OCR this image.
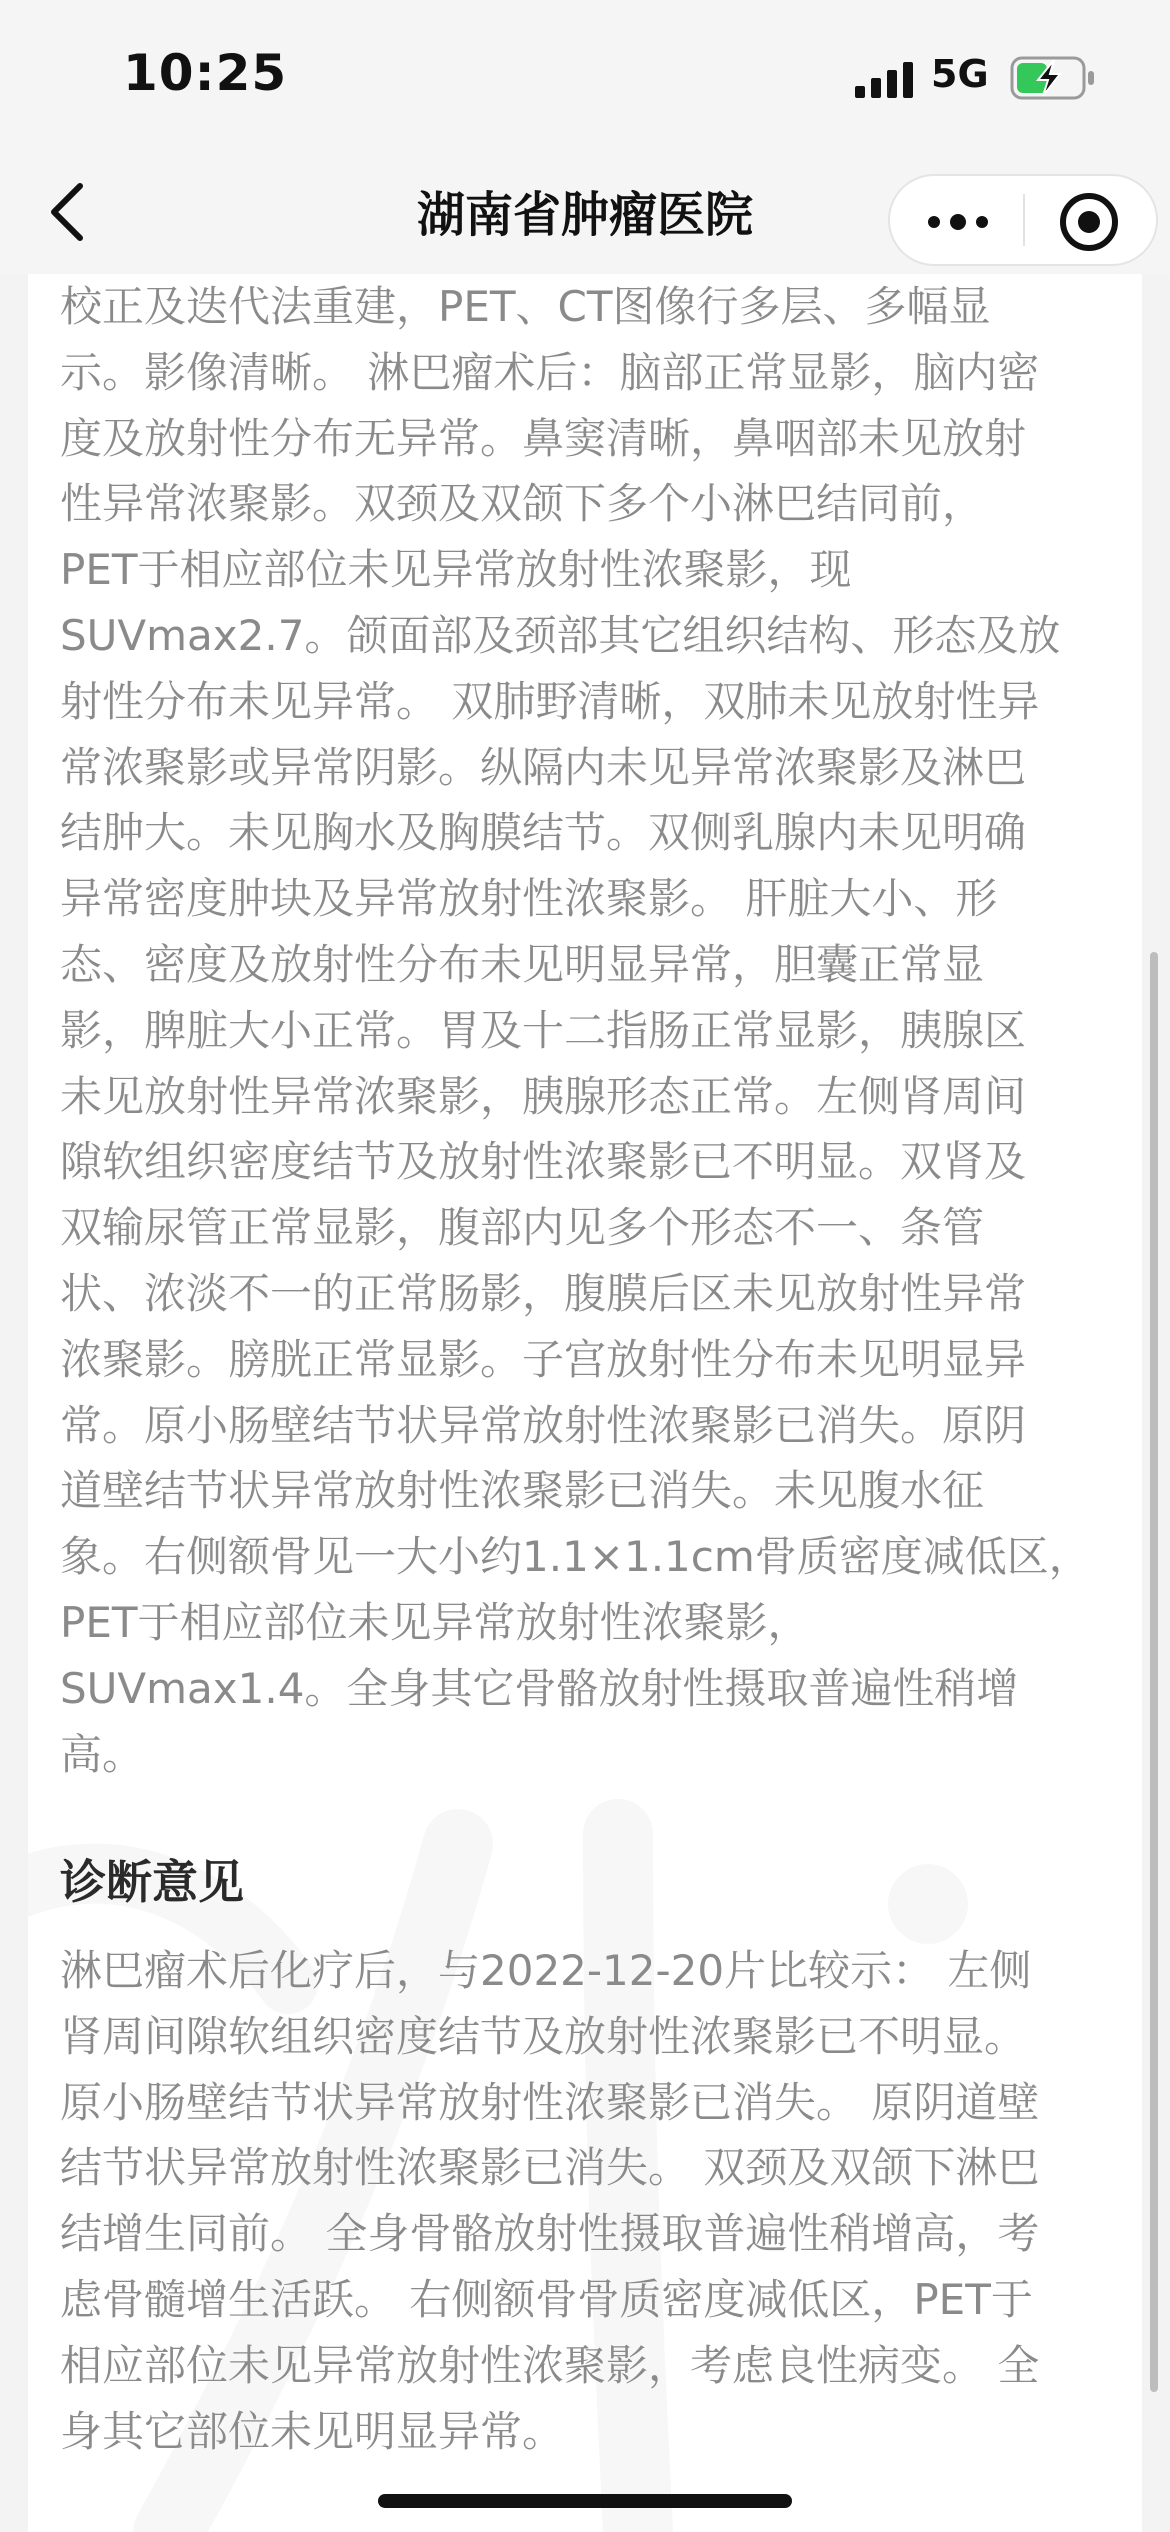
10:25	5G
湖南省肿瘤医院
校正及迭代法重建，PET、CT图像行多层、多幅显
示。影像清晰。 淋巴瘤术后：脑部正常显影，脑内密
度及放射性分布无异常。鼻窦清晰，鼻咽部未见放射
性异常浓聚影。双颈及双颌下多个小淋巴结同前，
PET于相应部位未见异常放射性浓聚影，现
SUVmax2.7。颌面部及颈部其它组织结构、形态及放
射性分布未见异常。 双肺野清晰，双肺未见放射性异
常浓聚影或异常阴影。纵隔内未见异常浓聚影及淋巴
结肿大。未见胸水及胸膜结节。双侧乳腺内未见明确
异常密度肿块及异常放射性浓聚影。 肝脏大小、形
态、密度及放射性分布未见明显异常，胆囊正常显
影，脾脏大小正常。胃及十二指肠正常显影，胰腺区
未见放射性异常浓聚影，胰腺形态正常。左侧肾周间
隙软组织密度结节及放射性浓聚影已不明显。双肾及
双输尿管正常显影，腹部内见多个形态不一、条管
状、浓淡不一的正常肠影，腹膜后区未见放射性异常
浓聚影。膀胱正常显影。子宫放射性分布未见明显异
常。原小肠壁结节状异常放射性浓聚影已消失。原阴
道壁结节状异常放射性浓聚影已消失。未见腹水征
象。右侧额骨见一大小约1.1×1.1cm骨质密度减低区，
PET于相应部位未见异常放射性浓聚影，
SUVmax1.4。全身其它骨骼放射性摄取普遍性稍增
高。
诊断意见
淋巴瘤术后化疗后，与2022-12-20片比较示： 左侧
肾周间隙软组织密度结节及放射性浓聚影已不明显。
原小肠壁结节状异常放射性浓聚影已消失。 原阴道壁
结节状异常放射性浓聚影已消失。 双颈及双颌下淋巴
结增生同前。 全身骨骼放射性摄取普遍性稍增高，考
虑骨髓增生活跃。 右侧额骨骨质密度减低区，PET于
相应部位未见异常放射性浓聚影，考虑良性病变。 全
身其它部位未见明显异常。
